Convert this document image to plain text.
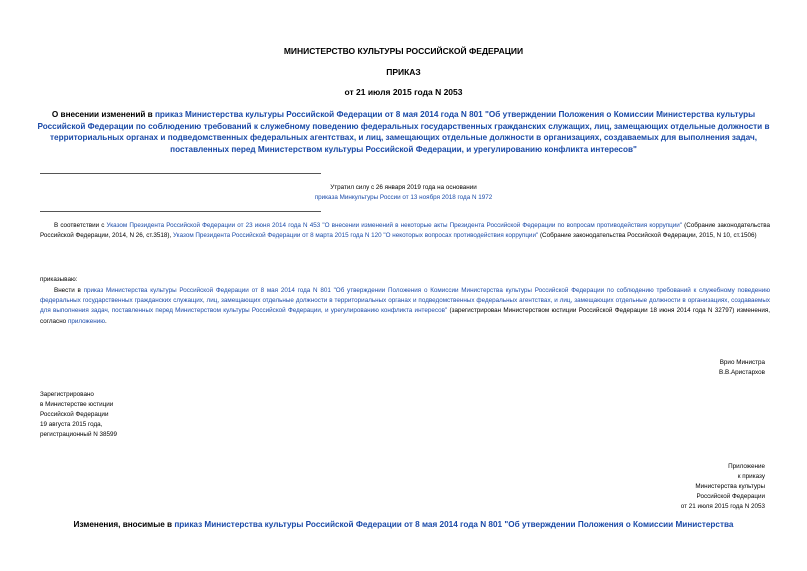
МИНИСТЕРСТВО КУЛЬТУРЫ РОССИЙСКОЙ ФЕДЕРАЦИИ
ПРИКАЗ
от 21 июля 2015 года N 2053
О внесении изменений в приказ Министерства культуры Российской Федерации от 8 мая 2014 года N 801 "Об утверждении Положения о Комиссии Министерства культуры Российской Федерации по соблюдению требований к служебному поведению федеральных государственных гражданских служащих, лиц, замещающих отдельные должности в территориальных органах и подведомственных федеральных агентствах, и лиц, замещающих отдельные должности в организациях, создаваемых для выполнения задач, поставленных перед Министерством культуры Российской Федерации, и урегулированию конфликта интересов"
Утратил силу с 26 января 2019 года на основании
приказа Минкультуры России от 13 ноября 2018 года N 1972
В соответствии с Указом Президента Российской Федерации от 23 июня 2014 года N 453 "О внесении изменений в некоторые акты Президента Российской Федерации по вопросам противодействия коррупции" (Собрание законодательства Российской Федерации, 2014, N 26, ст.3518), Указом Президента Российской Федерации от 8 марта 2015 года N 120 "О некоторых вопросах противодействия коррупции" (Собрание законодательства Российской Федерации, 2015, N 10, ст.1506)
приказываю:
Внести в приказ Министерства культуры Российской Федерации от 8 мая 2014 года N 801 "Об утверждении Положения о Комиссии Министерства культуры Российской Федерации по соблюдению требований к служебному поведению федеральных государственных гражданских служащих, лиц, замещающих отдельные должности в территориальных органах и подведомственных федеральных агентствах, и лиц, замещающих отдельные должности в организациях, создаваемых для выполнения задач, поставленных перед Министерством культуры Российской Федерации, и урегулированию конфликта интересов" (зарегистрирован Министерством юстиции Российской Федерации 18 июня 2014 года N 32797) изменения, согласно приложению.
Врио Министра
В.В.Аристархов
Зарегистрировано
в Министерстве юстиции
Российской Федерации
19 августа 2015 года,
регистрационный N 38599
Приложение
к приказу
Министерства культуры
Российской Федерации
от 21 июля 2015 года N 2053
Изменения, вносимые в приказ Министерства культуры Российской Федерации от 8 мая 2014 года N 801 "Об утверждении Положения о Комиссии Министерства
